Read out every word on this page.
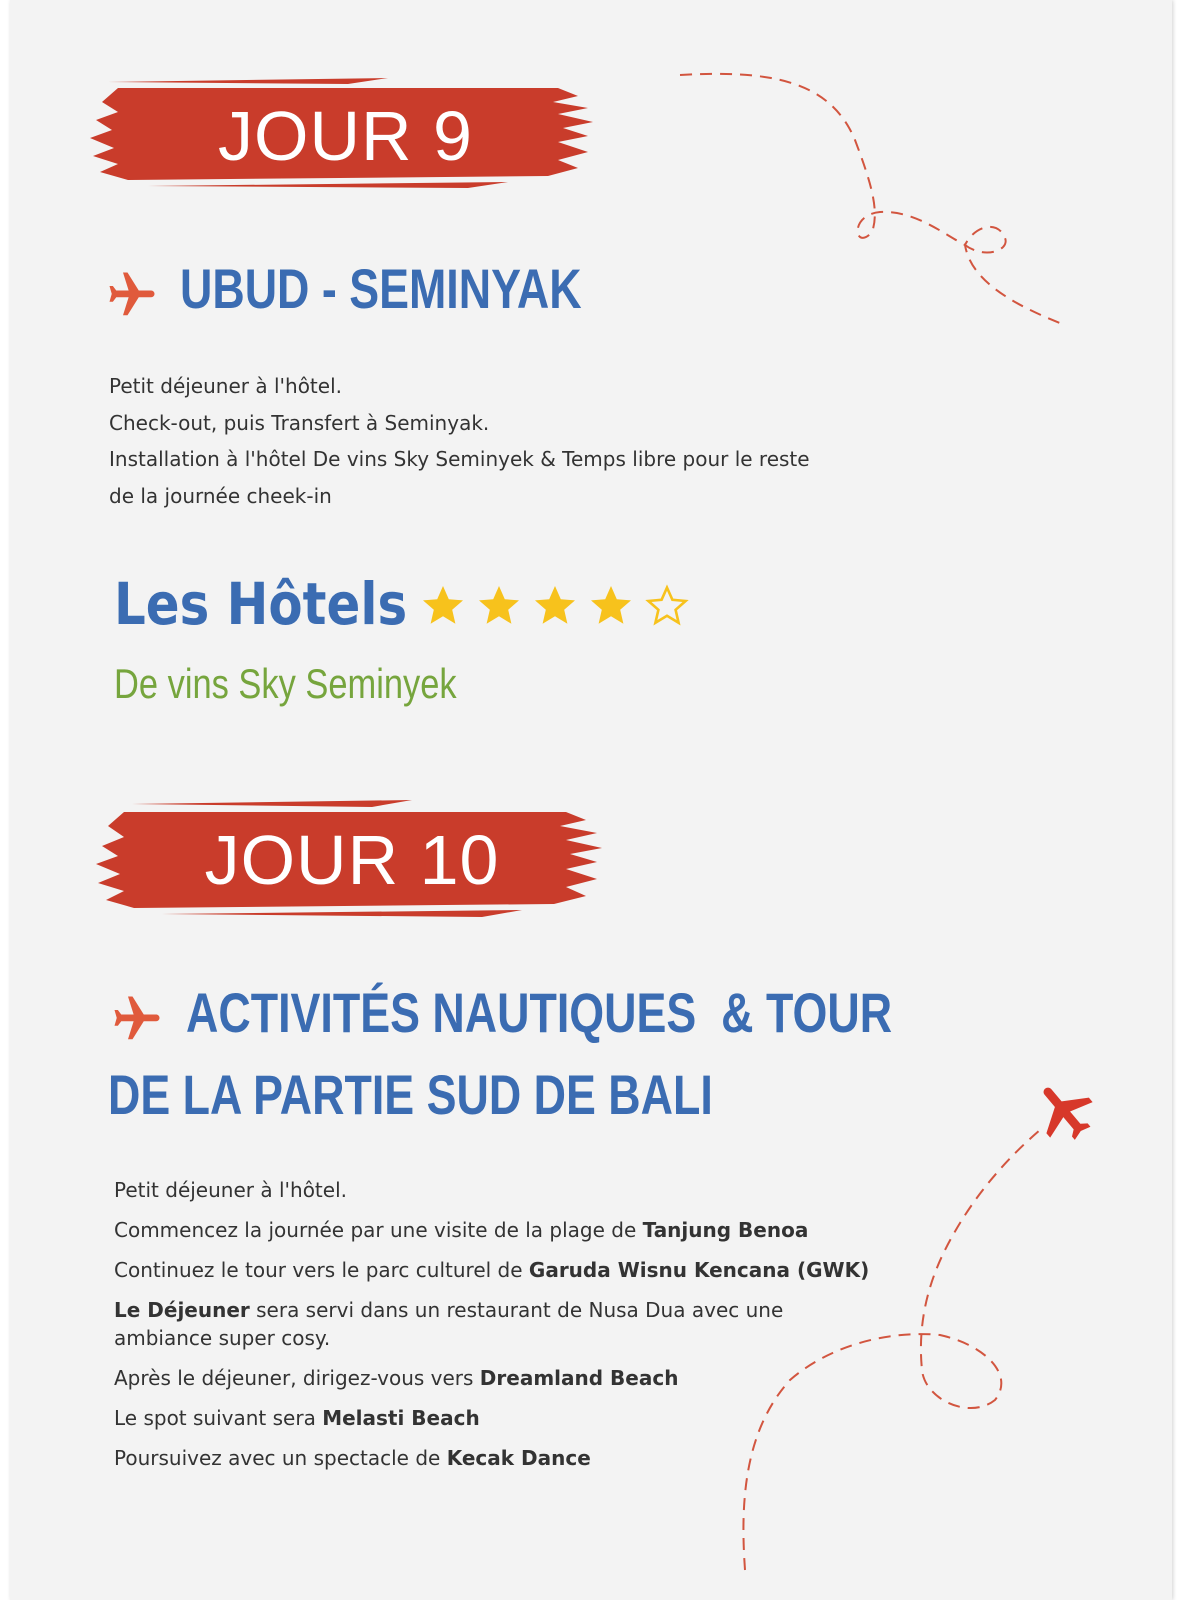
JOUR 9
UBUD - SEMINYAK

Petit déjeuner à l'hôtel.

Check-out, puis Transfert à Seminyak.

Installation à l'hôtel De vins Sky Seminyek & Temps libre pour le reste

de la journée cheek-in

Les Hôtels
De vins Sky Seminyek
JOUR 10
ACTIVITÉS NAUTIQUES  & TOUR
DE LA PARTIE SUD DE BALI

Petit déjeuner à l'hôtel.

Commencez la journée par une visite de la plage de Tanjung Benoa

Continuez le tour vers le parc culturel de Garuda Wisnu Kencana (GWK)

Le Déjeuner sera servi dans un restaurant de Nusa Dua avec une

ambiance super cosy.

Après le déjeuner, dirigez-vous vers Dreamland Beach

Le spot suivant sera Melasti Beach

Poursuivez avec un spectacle de Kecak Dance
